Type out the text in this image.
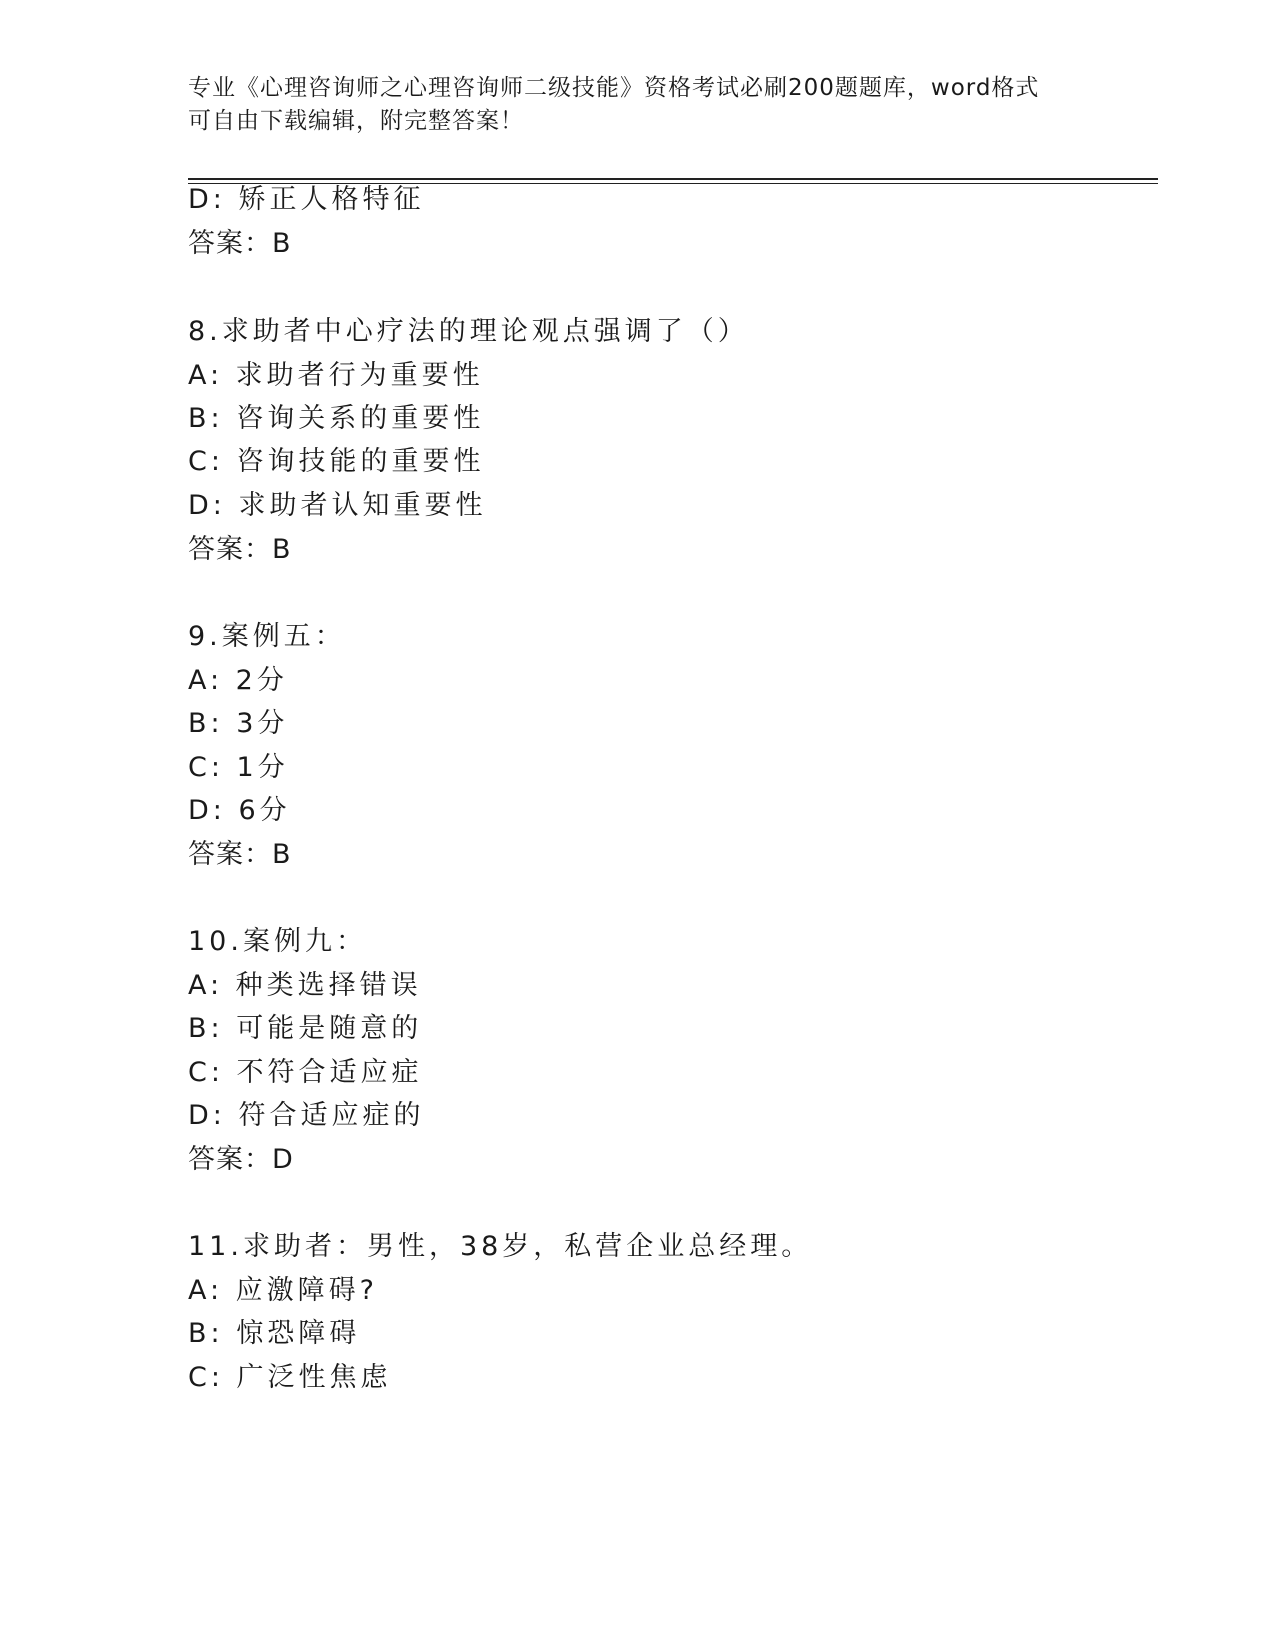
专业《心理咨询师之心理咨询师二级技能》资格考试必刷200题题库，word格式
可自由下载编辑，附完整答案！
D: 矫正人格特征
答案：B
8.求助者中心疗法的理论观点强调了（）
A: 求助者行为重要性
B: 咨询关系的重要性
C: 咨询技能的重要性
D: 求助者认知重要性
答案：B
9.案例五：
A: 2分
B: 3分
C: 1分
D: 6分
答案：B
10.案例九：
A: 种类选择错误
B: 可能是随意的
C: 不符合适应症
D: 符合适应症的
答案：D
11.求助者：男性，38岁，私营企业总经理。
A: 应激障碍?
B: 惊恐障碍
C: 广泛性焦虑
